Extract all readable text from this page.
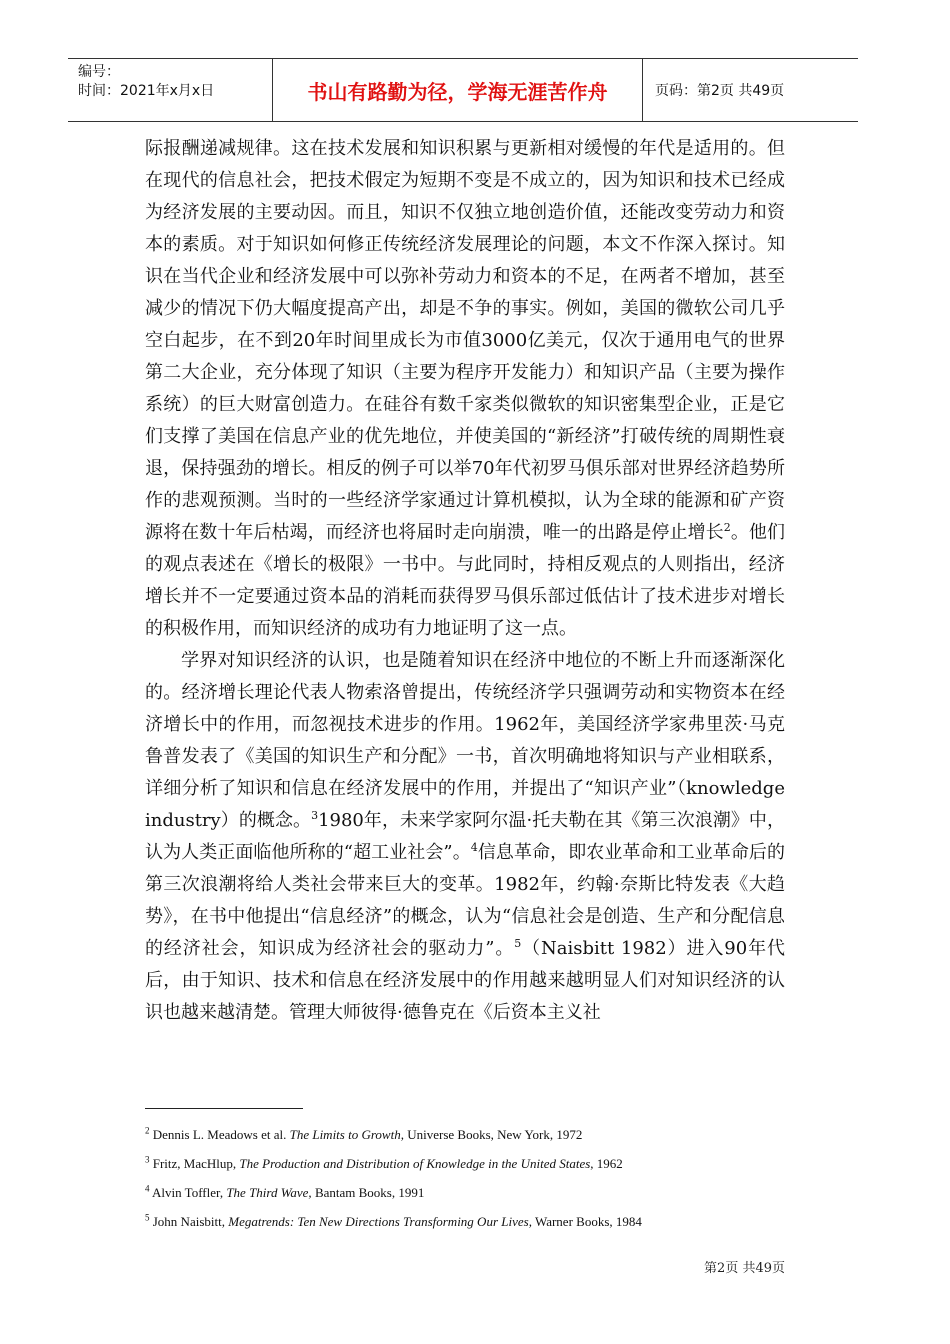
编号：
时间：2021年x月x日	书山有路勤为径，学海无涯苦作舟	页码：第2页 共49页

际报酬递减规律。这在技术发展和知识积累与更新相对缓慢的年代是适用的。但在现代的信息社会，把技术假定为短期不变是不成立的，因为知识和技术已经成为经济发展的主要动因。而且，知识不仅独立地创造价值，还能改变劳动力和资本的素质。对于知识如何修正传统经济发展理论的问题，本文不作深入探讨。知识在当代企业和经济发展中可以弥补劳动力和资本的不足，在两者不增加，甚至减少的情况下仍大幅度提高产出，却是不争的事实。例如，美国的微软公司几乎空白起步，在不到20年时间里成长为市值3000亿美元，仅次于通用电气的世界第二大企业，充分体现了知识（主要为程序开发能力）和知识产品（主要为操作系统）的巨大财富创造力。在硅谷有数千家类似微软的知识密集型企业，正是它们支撑了美国在信息产业的优先地位，并使美国的“新经济”打破传统的周期性衰退，保持强劲的增长。相反的例子可以举70年代初罗马俱乐部对世界经济趋势所作的悲观预测。当时的一些经济学家通过计算机模拟，认为全球的能源和矿产资源将在数十年后枯竭，而经济也将届时走向崩溃，唯一的出路是停止增长$^2$。他们的观点表述在《增长的极限》一书中。与此同时，持相反观点的人则指出，经济增长并不一定要通过资本品的消耗而获得罗马俱乐部过低估计了技术进步对增长的积极作用，而知识经济的成功有力地证明了这一点。

学界对知识经济的认识，也是随着知识在经济中地位的不断上升而逐渐深化的。经济增长理论代表人物索洛曾提出，传统经济学只强调劳动和实物资本在经济增长中的作用，而忽视技术进步的作用。1962年，美国经济学家弗里茨·马克鲁普发表了《美国的知识生产和分配》一书，首次明确地将知识与产业相联系，详细分析了知识和信息在经济发展中的作用，并提出了“知识产业”（knowledge industry）的概念。$^3$1980年，未来学家阿尔温·托夫勒在其《第三次浪潮》中，认为人类正面临他所称的“超工业社会”。$^4$信息革命，即农业革命和工业革命后的第三次浪潮将给人类社会带来巨大的变革。1982年，约翰·奈斯比特发表《大趋势》，在书中他提出“信息经济”的概念，认为“信息社会是创造、生产和分配信息的经济社会，知识成为经济社会的驱动力”。$^5$（Naisbitt 1982）进入90年代后，由于知识、技术和信息在经济发展中的作用越来越明显人们对知识经济的认识也越来越清楚。管理大师彼得·德鲁克在《后资本主义社

$^2$ Dennis L. Meadows et al. The Limits to Growth, Universe Books, New York, 1972
$^3$ Fritz, MacHlup, The Production and Distribution of Knowledge in the United States, 1962
$^4$ Alvin Toffler, The Third Wave, Bantam Books, 1991
$^5$ John Naisbitt, Megatrends: Ten New Directions Transforming Our Lives, Warner Books, 1984
第2页 共49页
